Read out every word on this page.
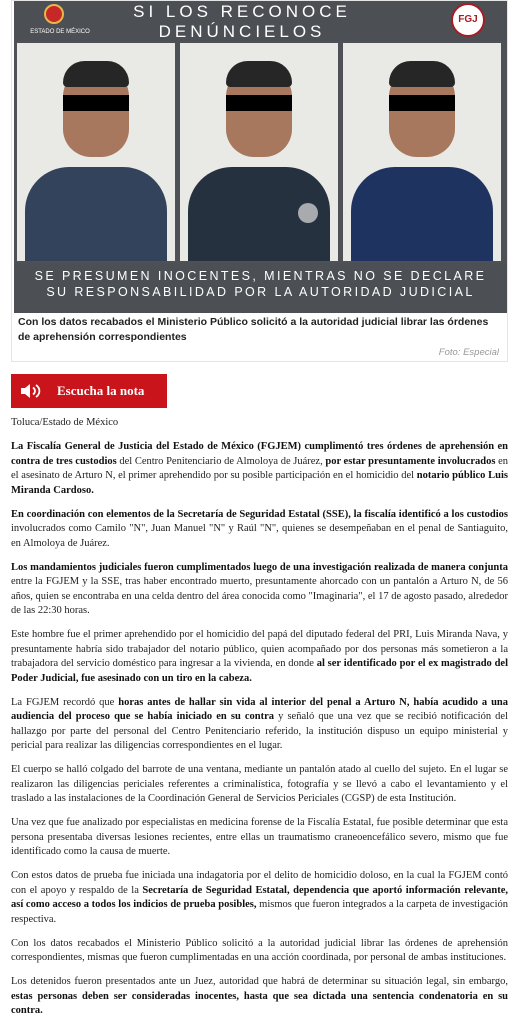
ESTADO DE MÉXICO
SI LOS RECONOCE DENÚNCIELOS
FGJ
SE PRESUMEN INOCENTES, MIENTRAS NO SE DECLARE
SU RESPONSABILIDAD POR LA AUTORIDAD JUDICIAL
Con los datos recabados el Ministerio Público solicitó a la autoridad judicial librar las órdenes de aprehensión correspondientes
Foto: Especial
Escucha la nota
Toluca/Estado de México

La Fiscalía General de Justicia del Estado de México (FGJEM) cumplimentó tres órdenes de aprehensión en contra de tres custodios del Centro Penitenciario de Almoloya de Juárez, por estar presuntamente involucrados en el asesinato de Arturo N, el primer aprehendido por su posible participación en el homicidio del notario público Luis Miranda Cardoso.

En coordinación con elementos de la Secretaría de Seguridad Estatal (SSE), la fiscalía identificó a los custodios involucrados como Camilo "N", Juan Manuel "N" y Raúl "N", quienes se desempeñaban en el penal de Santiaguito, en Almoloya de Juárez.

Los mandamientos judiciales fueron cumplimentados luego de una investigación realizada de manera conjunta entre la FGJEM y la SSE, tras haber encontrado muerto, presuntamente ahorcado con un pantalón a Arturo N, de 56 años, quien se encontraba en una celda dentro del área conocida como "Imaginaria", el 17 de agosto pasado, alrededor de las 22:30 horas.

Este hombre fue el primer aprehendido por el homicidio del papá del diputado federal del PRI, Luis Miranda Nava, y presuntamente habría sido trabajador del notario público, quien acompañado por dos personas más sometieron a la trabajadora del servicio doméstico para ingresar a la vivienda, en donde al ser identificado por el ex magistrado del Poder Judicial, fue asesinado con un tiro en la cabeza.

La FGJEM recordó que horas antes de hallar sin vida al interior del penal a Arturo N, había acudido a una audiencia del proceso que se había iniciado en su contra y señaló que una vez que se recibió notificación del hallazgo por parte del personal del Centro Penitenciario referido, la institución dispuso un equipo ministerial y pericial para realizar las diligencias correspondientes en el lugar.

El cuerpo se halló colgado del barrote de una ventana, mediante un pantalón atado al cuello del sujeto. En el lugar se realizaron las diligencias periciales referentes a criminalística, fotografía y se llevó a cabo el levantamiento y el traslado a las instalaciones de la Coordinación General de Servicios Periciales (CGSP) de esta Institución.

Una vez que fue analizado por especialistas en medicina forense de la Fiscalía Estatal, fue posible determinar que esta persona presentaba diversas lesiones recientes, entre ellas un traumatismo craneoencefálico severo, mismo que fue identificado como la causa de muerte.

Con estos datos de prueba fue iniciada una indagatoria por el delito de homicidio doloso, en la cual la FGJEM contó con el apoyo y respaldo de la Secretaría de Seguridad Estatal, dependencia que aportó información relevante, así como acceso a todos los indicios de prueba posibles, mismos que fueron integrados a la carpeta de investigación respectiva.

Con los datos recabados el Ministerio Público solicitó a la autoridad judicial librar las órdenes de aprehensión correspondientes, mismas que fueron cumplimentadas en una acción coordinada, por personal de ambas instituciones.

Los detenidos fueron presentados ante un Juez, autoridad que habrá de determinar su situación legal, sin embargo, estas personas deben ser consideradas inocentes, hasta que sea dictada una sentencia condenatoria en su contra.
